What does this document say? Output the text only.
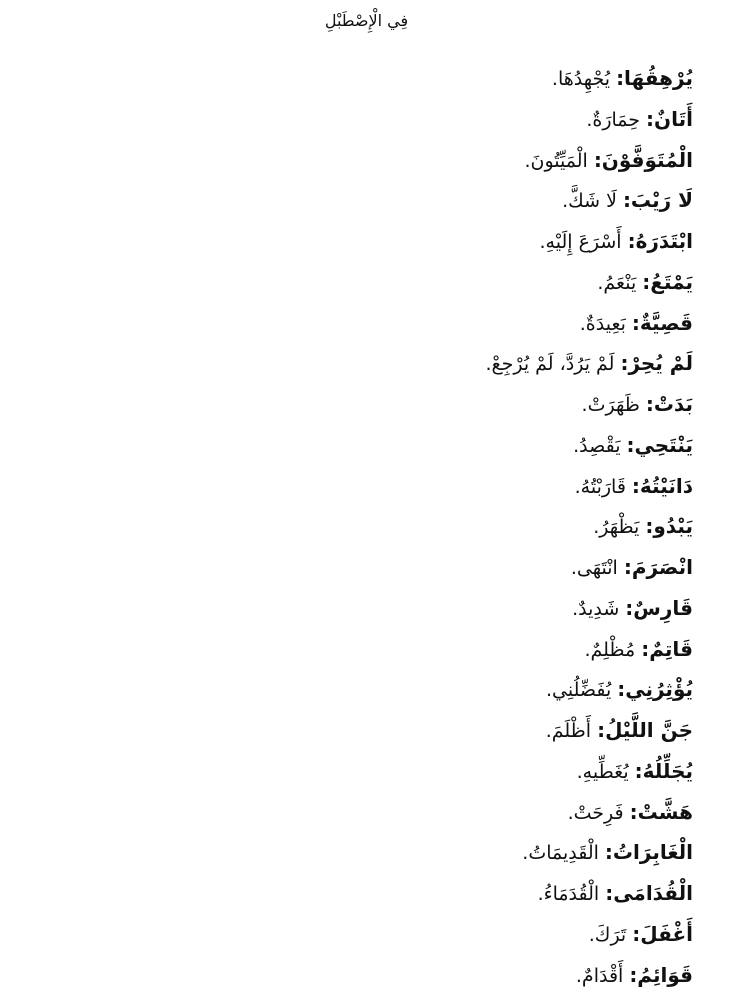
فِي الْإِصْطَبْلِ
يُرْهِقُهَا:يُجْهِدُهَا.
أَتَانٌ:حِمَارَةٌ.
الْمُتَوَفَّوْنَ:الْمَيِّتُونَ.
لَا رَيْبَ:لَا شَكَّ.
ابْتَدَرَهُ:أَسْرَعَ إِلَيْهِ.
يَمْتَعُ:يَنْعَمُ.
قَصِيَّةٌ:بَعِيدَةٌ.
لَمْ يُحِرْ:لَمْ يَرُدَّ، لَمْ يُرْجِعْ.
بَدَتْ:ظَهَرَتْ.
يَنْتَحِي:يَقْصِدُ.
دَانَيْتُهُ:قَارَبْتُهُ.
يَبْدُو:يَظْهَرُ.
انْصَرَمَ:انْتَهَى.
قَارِسٌ:شَدِيدٌ.
قَاتِمٌ:مُظْلِمٌ.
يُؤْثِرُنِي:يُفَضِّلُنِي.
جَنَّ اللَّيْلُ:أَظْلَمَ.
يُجَلِّلُهُ:يُغَطِّيهِ.
هَشَّتْ:فَرِحَتْ.
الْغَابِرَاتُ:الْقَدِيمَاتُ.
الْقُدَامَى:الْقُدَمَاءُ.
أَغْفَلَ:تَرَكَ.
قَوَائِمُ:أَقْدَامٌ.
